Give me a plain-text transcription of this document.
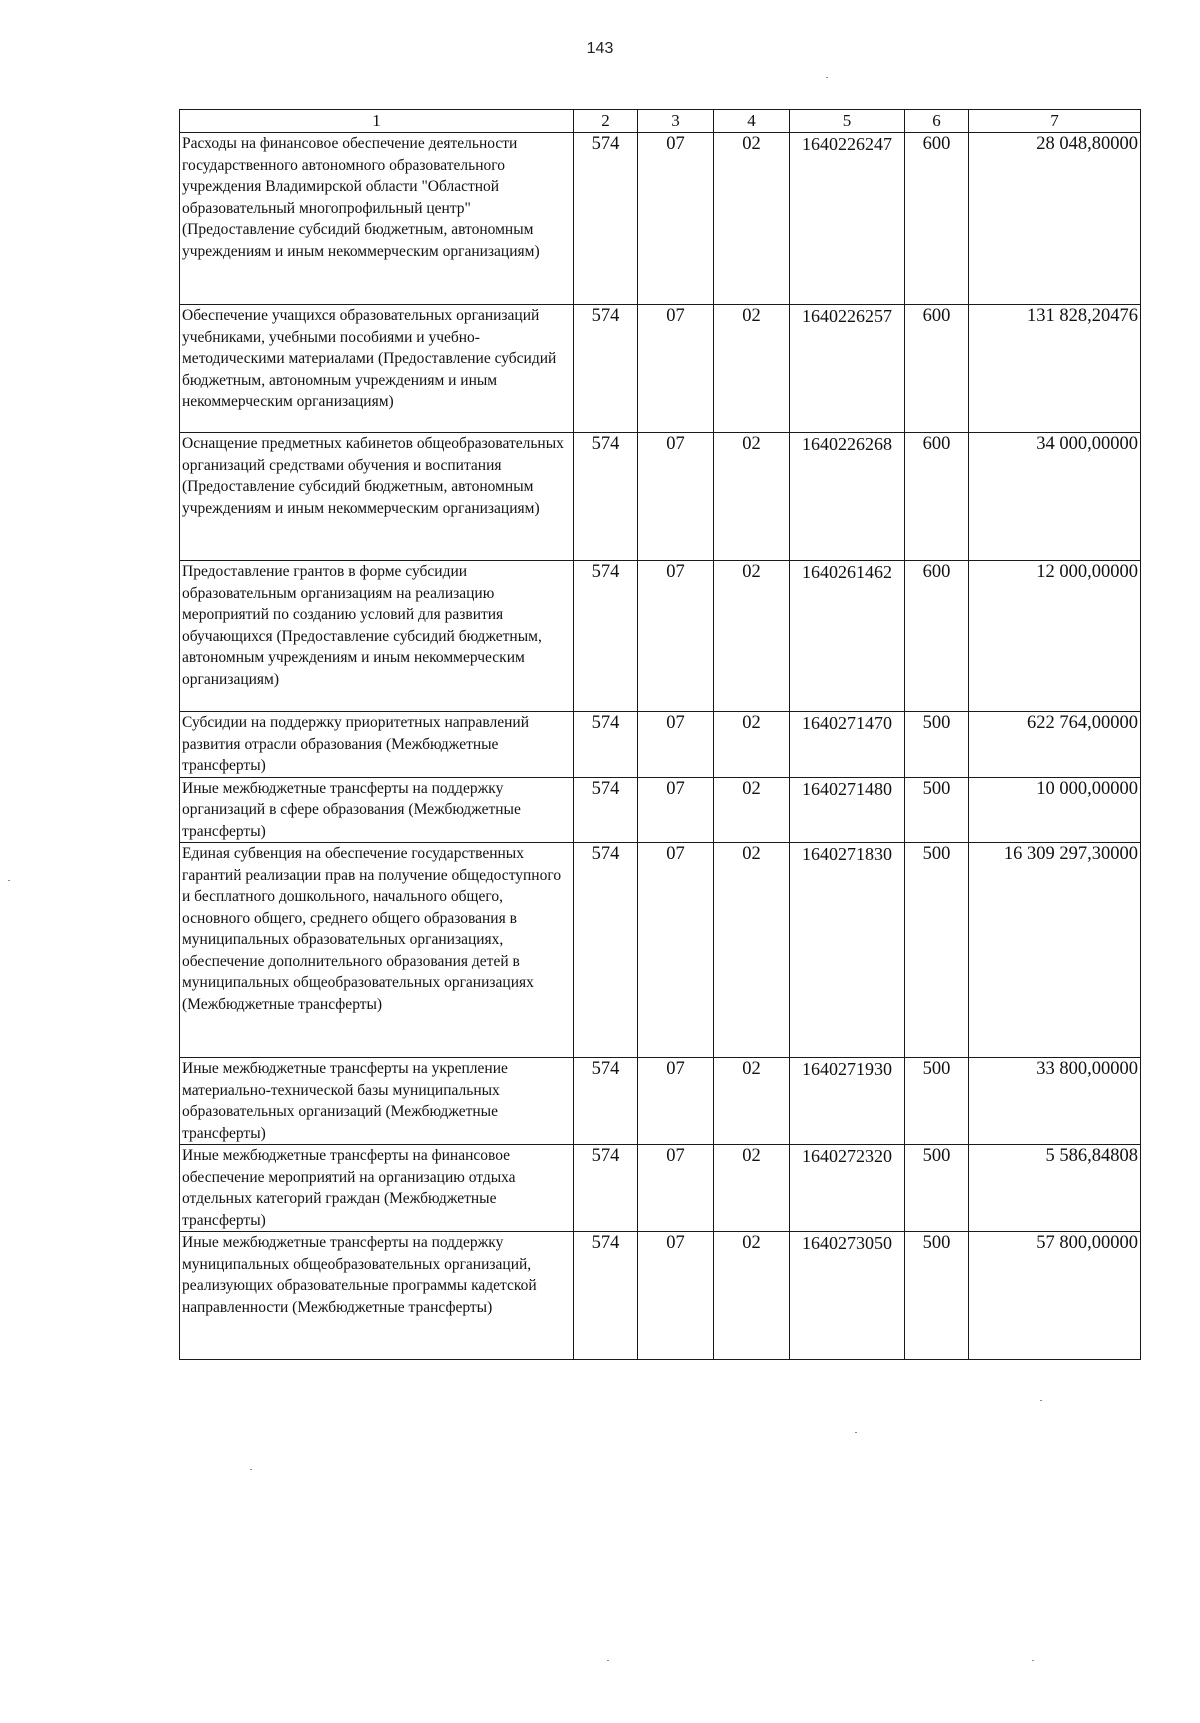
143
1	2	3	4	5	6	7
Расходы на финансовое обеспечение деятельности государственного автономного образовательного учреждения Владимирской области "Областной образовательный многопрофильный центр" (Предоставление субсидий бюджетным, автономным учреждениям и иным некоммерческим организациям)	574	07	02	1640226247	600	28 048,80000
Обеспечение учащихся образовательных организаций учебниками, учебными пособиями и учебно-методическими материалами (Предоставление субсидий бюджетным, автономным учреждениям и иным некоммерческим организациям)	574	07	02	1640226257	600	131 828,20476
Оснащение предметных кабинетов общеобразовательных организаций средствами обучения и воспитания (Предоставление субсидий бюджетным, автономным учреждениям и иным некоммерческим организациям)	574	07	02	1640226268	600	34 000,00000
Предоставление грантов в форме субсидии образовательным организациям на реализацию мероприятий по созданию условий для развития обучающихся (Предоставление субсидий бюджетным, автономным учреждениям и иным некоммерческим организациям)	574	07	02	1640261462	600	12 000,00000
Субсидии на поддержку приоритетных направлений развития отрасли образования (Межбюджетные трансферты)	574	07	02	1640271470	500	622 764,00000
Иные межбюджетные трансферты на поддержку организаций в сфере образования (Межбюджетные трансферты)	574	07	02	1640271480	500	10 000,00000
Единая субвенция на обеспечение государственных гарантий реализации прав на получение общедоступного и бесплатного дошкольного, начального общего, основного общего, среднего общего образования в муниципальных образовательных организациях, обеспечение дополнительного образования детей в муниципальных общеобразовательных организациях (Межбюджетные трансферты)	574	07	02	1640271830	500	16 309 297,30000
Иные межбюджетные трансферты на укрепление материально-технической базы муниципальных образовательных организаций (Межбюджетные трансферты)	574	07	02	1640271930	500	33 800,00000
Иные межбюджетные трансферты на финансовое обеспечение мероприятий на организацию отдыха отдельных категорий граждан (Межбюджетные трансферты)	574	07	02	1640272320	500	5 586,84808
Иные межбюджетные трансферты на поддержку муниципальных общеобразовательных организаций, реализующих образовательные программы кадетской направленности (Межбюджетные трансферты)	574	07	02	1640273050	500	57 800,00000
